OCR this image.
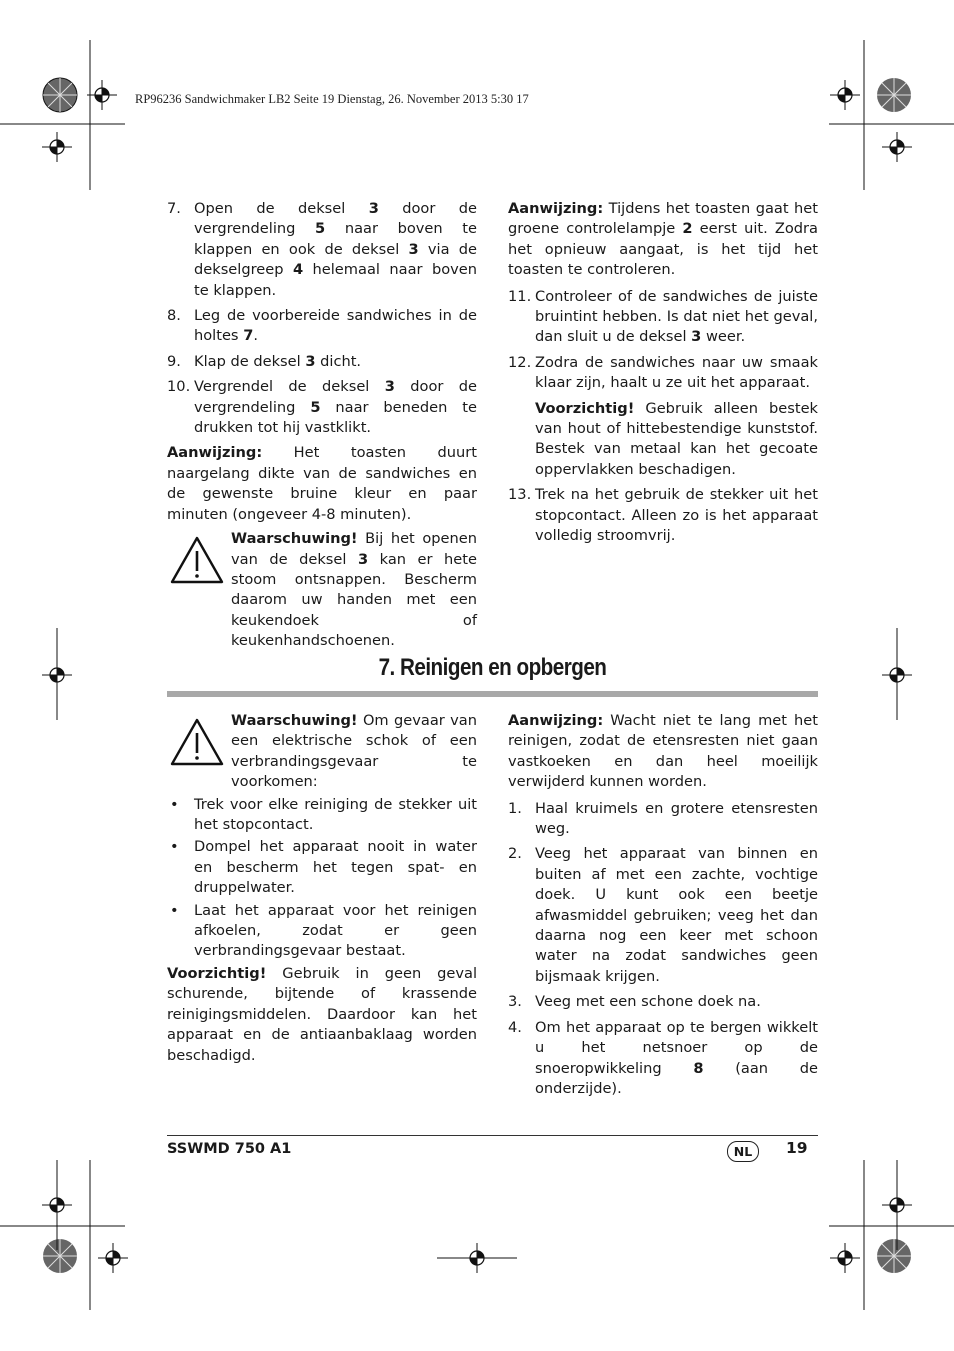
RP96236 Sandwichmaker LB2 Seite 19 Dienstag, 26. November 2013 5:30 17
7. Open de deksel 3 door de vergrendeling 5 naar boven te klappen en ook de deksel 3 via de dekselgreep 4 helemaal naar boven te klappen.
8. Leg de voorbereide sandwiches in de holtes 7.
9. Klap de deksel 3 dicht.
10. Vergrendel de deksel 3 door de vergrendeling 5 naar beneden te drukken tot hij vastklikt.
Aanwijzing: Het toasten duurt naargelang dikte van de sandwiches en de gewenste bruine kleur en paar minuten (ongeveer 4-8 minuten).
Waarschuwing! Bij het openen van de deksel 3 kan er hete stoom ontsnappen. Bescherm daarom uw handen met een keukendoek of keukenhandschoenen.
Aanwijzing: Tijdens het toasten gaat het groene controlelampje 2 eerst uit. Zodra het opnieuw aangaat, is het tijd het toasten te controleren.
11. Controleer of de sandwiches de juiste bruintint hebben. Is dat niet het geval, dan sluit u de deksel 3 weer.
12. Zodra de sandwiches naar uw smaak klaar zijn, haalt u ze uit het apparaat.
Voorzichtig! Gebruik alleen bestek van hout of hittebestendige kunststof. Bestek van metaal kan het gecoate oppervlakken beschadigen.
13. Trek na het gebruik de stekker uit het stopcontact. Alleen zo is het apparaat volledig stroomvrij.
7. Reinigen en opbergen
Waarschuwing! Om gevaar van een elektrische schok of een verbrandingsgevaar te voorkomen:
• Trek voor elke reiniging de stekker uit het stopcontact.
• Dompel het apparaat nooit in water en bescherm het tegen spat- en druppelwater.
• Laat het apparaat voor het reinigen afkoelen, zodat er geen verbrandingsgevaar bestaat.
Voorzichtig! Gebruik in geen geval schurende, bijtende of krassende reinigingsmiddelen. Daardoor kan het apparaat en de antiaanbaklaag worden beschadigd.
Aanwijzing: Wacht niet te lang met het reinigen, zodat de etensresten niet gaan vastkoeken en dan heel moeilijk verwijderd kunnen worden.
1. Haal kruimels en grotere etensresten weg.
2. Veeg het apparaat van binnen en buiten af met een zachte, vochtige doek. U kunt ook een beetje afwasmiddel gebruiken; veeg het dan daarna nog een keer met schoon water na zodat sandwiches geen bijsmaak krijgen.
3. Veeg met een schone doek na.
4. Om het apparaat op te bergen wikkelt u het netsnoer op de snoeropwikkeling 8 (aan de onderzijde).
SSWMD 750 A1	NL	19
